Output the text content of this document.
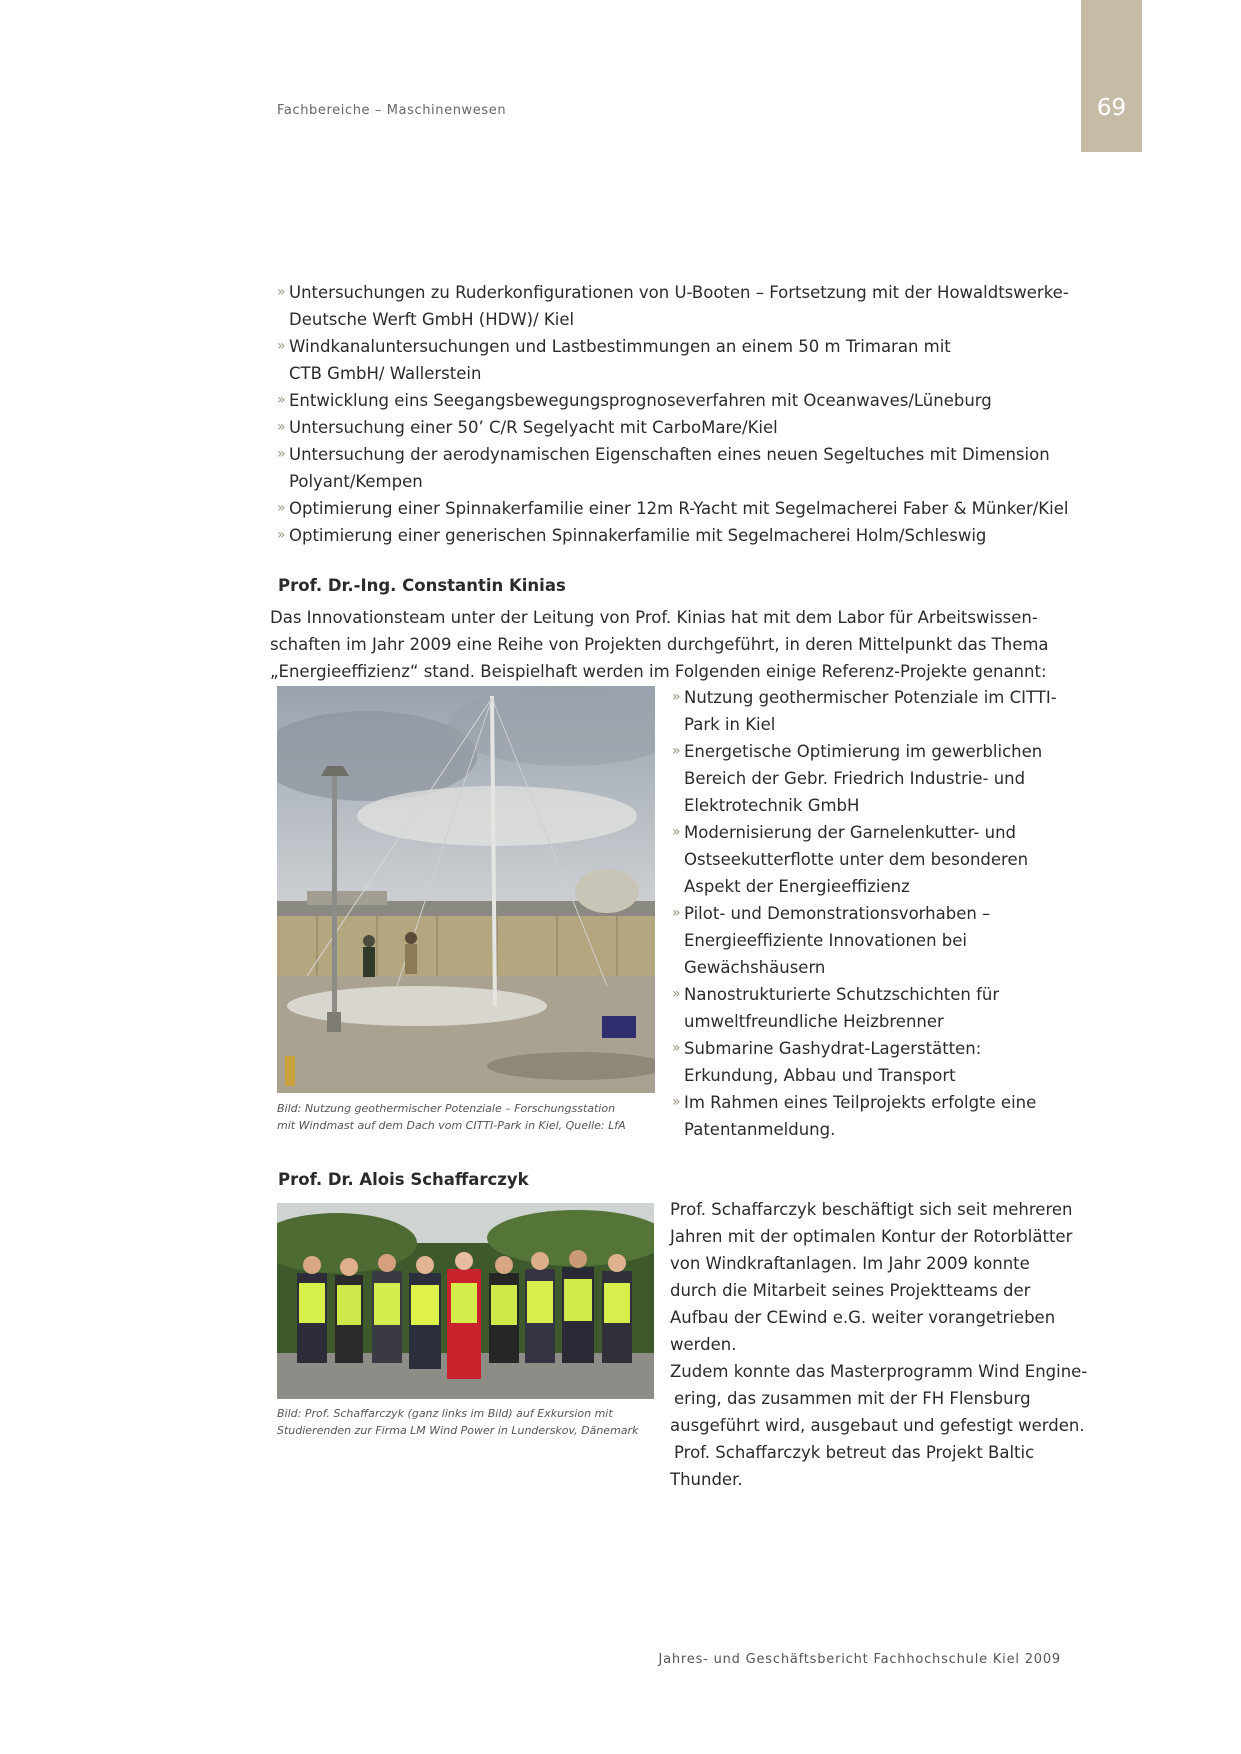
Fachbereiche – Maschinenwesen	69
» Untersuchungen zu Ruderkonfigurationen von U-Booten – Fortsetzung mit der Howaldtswerke-
Deutsche Werft GmbH (HDW)/ Kiel
» Windkanaluntersuchungen und Lastbestimmungen an einem 50 m Trimaran mit
CTB GmbH/ Wallerstein
» Entwicklung eins Seegangsbewegungsprognoseverfahren mit Oceanwaves/Lüneburg
» Untersuchung einer 50’ C/R Segelyacht mit CarboMare/Kiel
» Untersuchung der aerodynamischen Eigenschaften eines neuen Segeltuches mit Dimension
Polyant/Kempen
» Optimierung einer Spinnakerfamilie einer 12m R-Yacht mit Segelmacherei Faber & Münker/Kiel
» Optimierung einer generischen Spinnakerfamilie mit Segelmacherei Holm/Schleswig
Prof. Dr.-Ing. Constantin Kinias

Das Innovationsteam unter der Leitung von Prof. Kinias hat mit dem Labor für Arbeitswissen-
schaften im Jahr 2009 eine Reihe von Projekten durchgeführt, in deren Mittelpunkt das Thema
„Energieeffizienz“ stand. Beispielhaft werden im Folgenden einige Referenz-Projekte genannt:

Bild: Nutzung geothermischer Potenziale – Forschungsstation
mit Windmast auf dem Dach vom CITTI-Park in Kiel, Quelle: LfA
» Nutzung geothermischer Potenziale im CITTI-
Park in Kiel
» Energetische Optimierung im gewerblichen
Bereich der Gebr. Friedrich Industrie- und
Elektrotechnik GmbH
» Modernisierung der Garnelenkutter- und
Ostseekutterflotte unter dem besonderen
Aspekt der Energieeffizienz
» Pilot- und Demonstrationsvorhaben –
Energieeffiziente Innovationen bei
Gewächshäusern
» Nanostrukturierte Schutzschichten für
umweltfreundliche Heizbrenner
» Submarine Gashydrat-Lagerstätten:
Erkundung, Abbau und Transport
» Im Rahmen eines Teilprojekts erfolgte eine
Patentanmeldung.
Prof. Dr. Alois Schaffarczyk
Bild: Prof. Schaffarczyk (ganz links im Bild) auf Exkursion mit
Studierenden zur Firma LM Wind Power in Lunderskov, Dänemark
Prof. Schaffarczyk beschäftigt sich seit mehreren
Jahren mit der optimalen Kontur der Rotorblätter
von Windkraftanlagen. Im Jahr 2009 konnte
durch die Mitarbeit seines Projektteams der
Aufbau der CEwind e.G. weiter vorangetrieben
werden.
Zudem konnte das Masterprogramm Wind Engine-
ering, das zusammen mit der FH Flensburg
ausgeführt wird, ausgebaut und gefestigt werden.
Prof. Schaffarczyk betreut das Projekt Baltic
Thunder.
Jahres- und Geschäftsbericht Fachhochschule Kiel 2009
